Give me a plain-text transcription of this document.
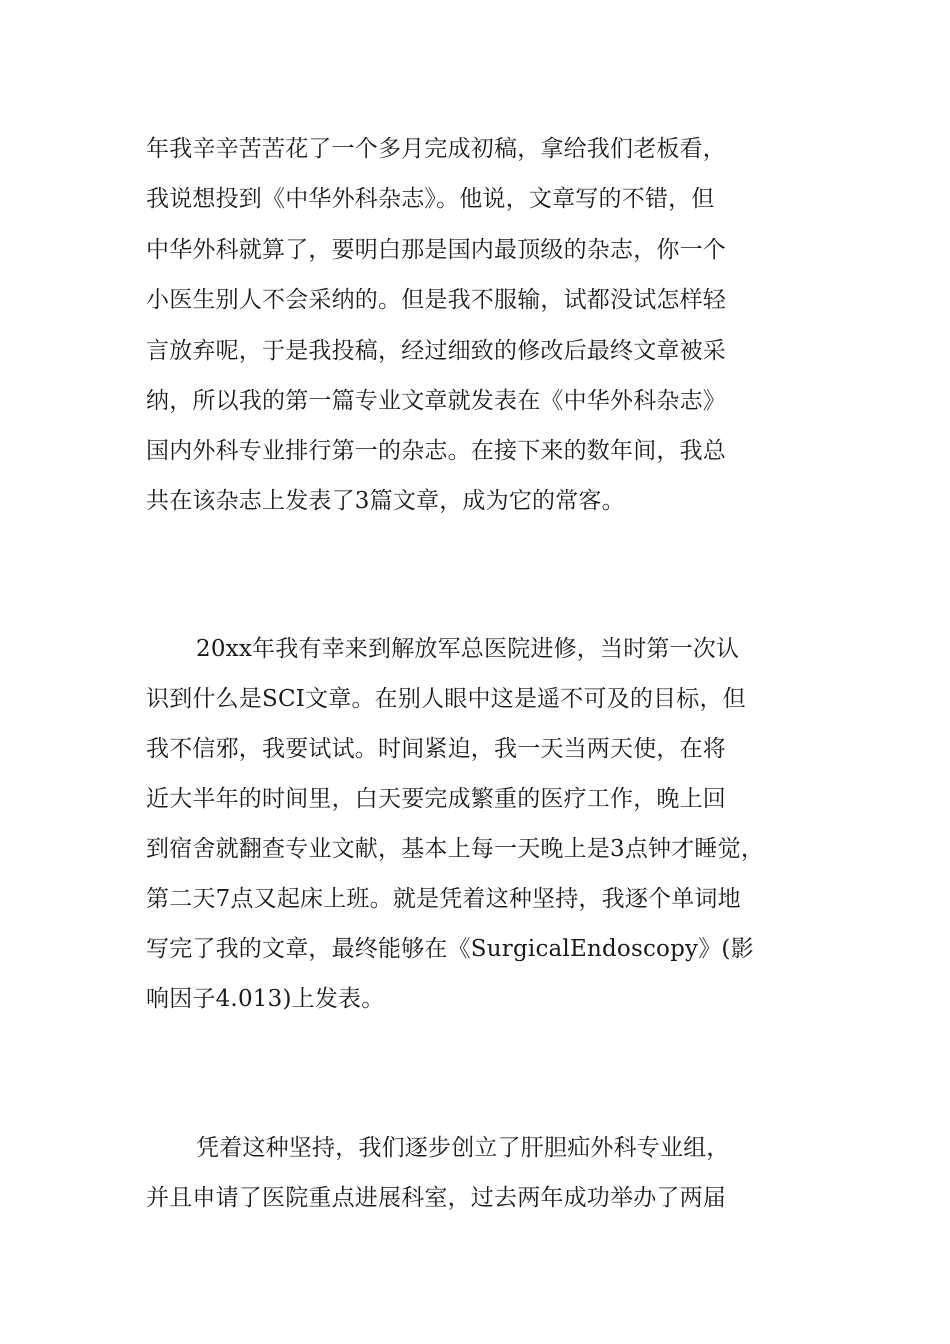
年我辛辛苦苦花了一个多月完成初稿，拿给我们老板看，
我说想投到《中华外科杂志》。他说，文章写的不错，但
中华外科就算了，要明白那是国内最顶级的杂志，你一个
小医生别人不会采纳的。但是我不服输，试都没试怎样轻
言放弃呢，于是我投稿，经过细致的修改后最终文章被采
纳，所以我的第一篇专业文章就发表在《中华外科杂志》
国内外科专业排行第一的杂志。在接下来的数年间，我总
共在该杂志上发表了3篇文章，成为它的常客。
20xx年我有幸来到解放军总医院进修，当时第一次认
识到什么是SCI文章。在别人眼中这是遥不可及的目标，但
我不信邪，我要试试。时间紧迫，我一天当两天使，在将
近大半年的时间里，白天要完成繁重的医疗工作，晚上回
到宿舍就翻查专业文献，基本上每一天晚上是3点钟才睡觉，
第二天7点又起床上班。就是凭着这种坚持，我逐个单词地
写完了我的文章，最终能够在《SurgicalEndoscopy》(影
响因子4.013)上发表。
凭着这种坚持，我们逐步创立了肝胆疝外科专业组，
并且申请了医院重点进展科室，过去两年成功举办了两届
